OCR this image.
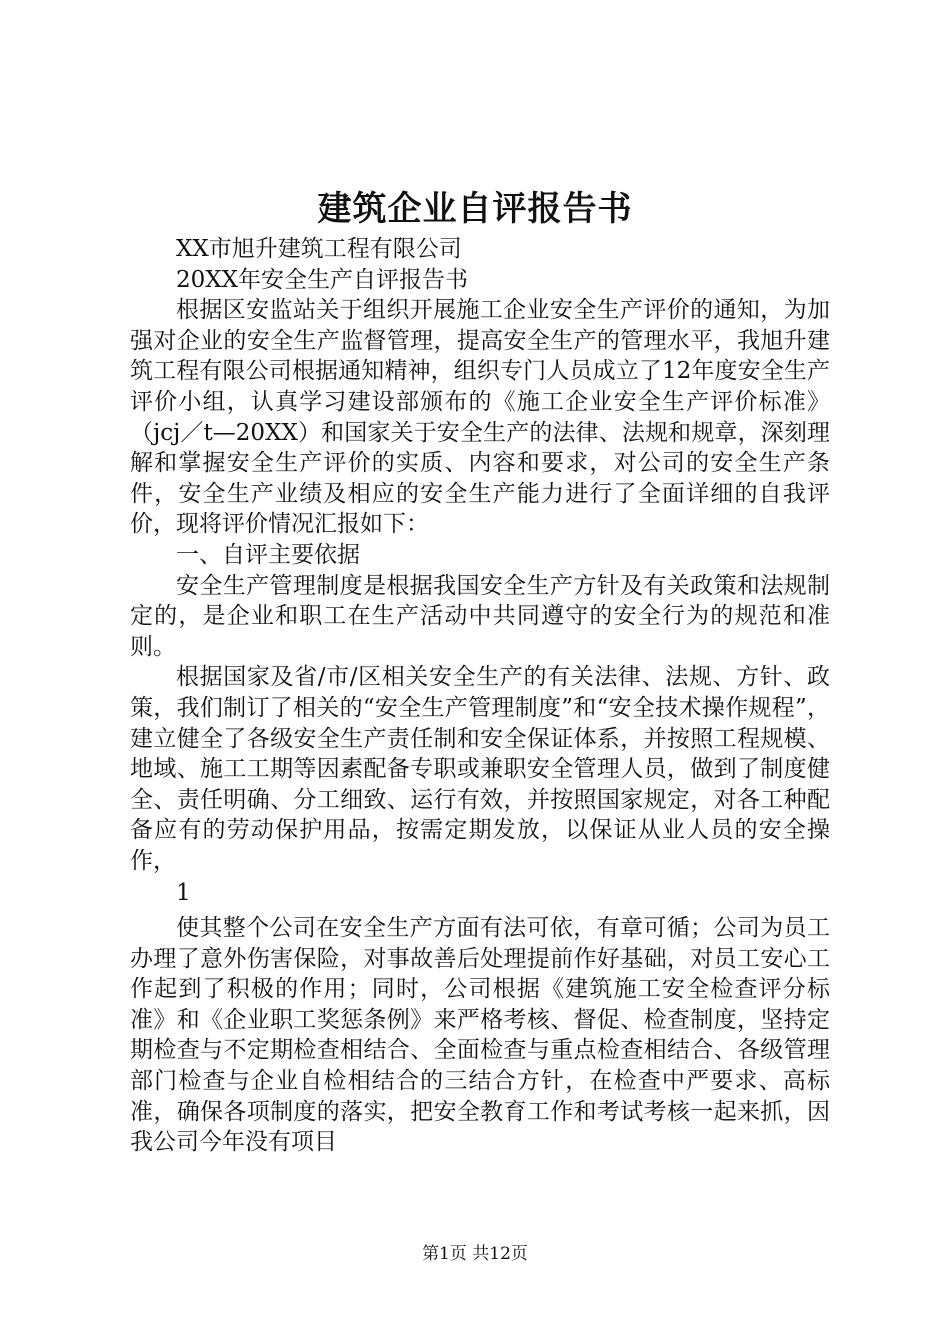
建筑企业自评报告书

XX市旭升建筑工程有限公司

20XX年安全生产自评报告书

根据区安监站关于组织开展施工企业安全生产评价的通知，为加强对企业的安全生产监督管理，提高安全生产的管理水平，我旭升建筑工程有限公司根据通知精神，组织专门人员成立了12年度安全生产评价小组，认真学习建设部颁布的《施工企业安全生产评价标准》（jcj／t—20XX）和国家关于安全生产的法律、法规和规章，深刻理解和掌握安全生产评价的实质、内容和要求，对公司的安全生产条件，安全生产业绩及相应的安全生产能力进行了全面详细的自我评价，现将评价情况汇报如下：

一、自评主要依据

安全生产管理制度是根据我国安全生产方针及有关政策和法规制定的，是企业和职工在生产活动中共同遵守的安全行为的规范和准则。

根据国家及省/市/区相关安全生产的有关法律、法规、方针、政策，我们制订了相关的“安全生产管理制度”和“安全技术操作规程”，建立健全了各级安全生产责任制和安全保证体系，并按照工程规模、地域、施工工期等因素配备专职或兼职安全管理人员，做到了制度健全、责任明确、分工细致、运行有效，并按照国家规定，对各工种配备应有的劳动保护用品，按需定期发放，以保证从业人员的安全操作，

1

使其整个公司在安全生产方面有法可依，有章可循；公司为员工办理了意外伤害保险，对事故善后处理提前作好基础，对员工安心工作起到了积极的作用；同时，公司根据《建筑施工安全检查评分标准》和《企业职工奖惩条例》来严格考核、督促、检查制度，坚持定期检查与不定期检查相结合、全面检查与重点检查相结合、各级管理部门检查与企业自检相结合的三结合方针，在检查中严要求、高标准，确保各项制度的落实，把安全教育工作和考试考核一起来抓，因我公司今年没有项目

第1页 共12页
